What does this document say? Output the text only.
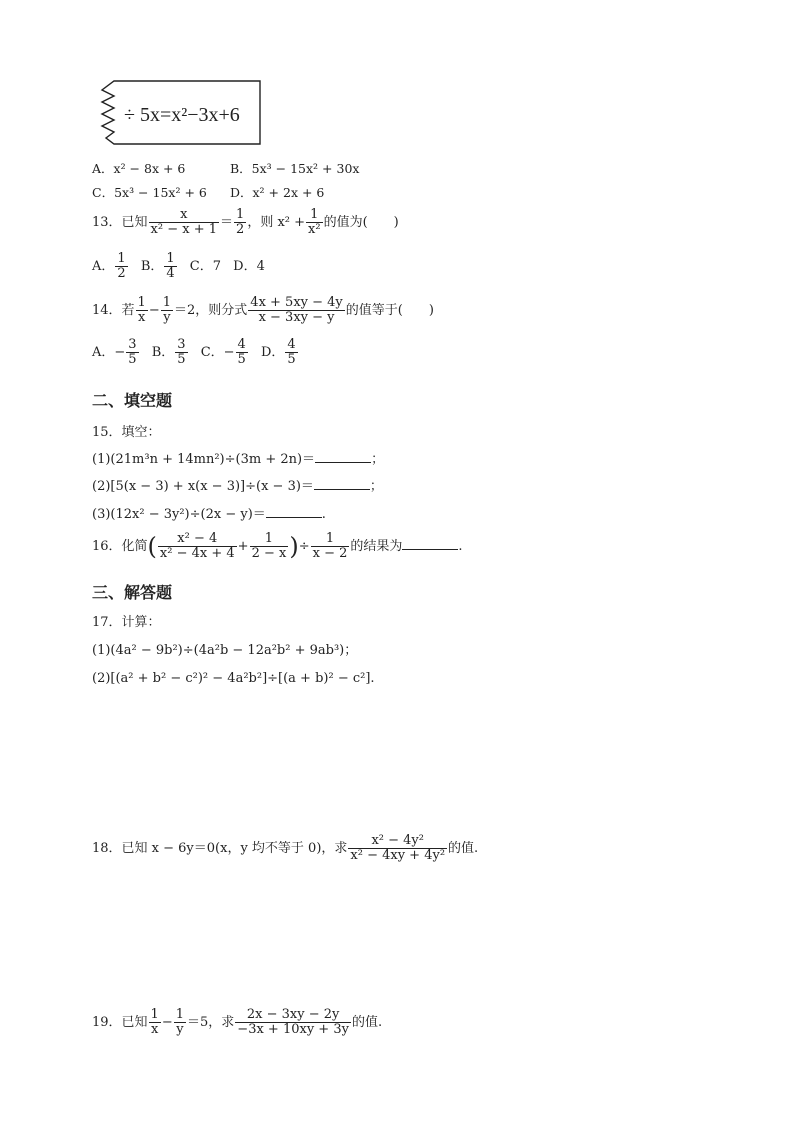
÷ 5x=x²−3x+6
A．x² − 8x + 6	B．5x³ − 15x² + 30x
C．5x³ − 15x² + 6 D．x² + 2x + 6
13．已知 $\frac{x}{\text{x² − x + 1}} = \frac{1}{2}$ ，则 $x^2 + \frac{1}{\text{x²}}$ 的值为(　　)
A． $\frac{1}{2}$ B． $\frac{1}{4}$ C．7 D．4
14．若 $\frac{1}{x} - \frac{1}{y} =2$，则分式 $\frac{4x + 5xy - 4y}{x - 3xy - y}$ 的值等于(　　)
A．− $\frac{3}{5}$ B． $\frac{3}{5}$ C．− $\frac{4}{5}$ D． $\frac{4}{5}$
二、填空题
15．填空：
(1)(21m³n + 14mn²)÷(3m + 2n)＝	；
(2)[5(x − 3) + x(x − 3)]÷(x − 3)＝	；
(3)(12x² − 3y²)÷(2x − y)＝	.
16．化简( $\frac{\text{x² − 4}}{\text{x² − 4x + 4}} + \frac{1}{2 - x}$ )÷ $\frac{1}{x - 2}$ 的结果为	.
三、解答题
17．计算：
(1)(4a² − 9b²)÷(4a²b − 12a²b² + 9ab³)；
(2)[(a² + b² − c²)² − 4a²b²]÷[(a + b)² − c²].
18．已知 x − 6y＝0(x，y 均不等于 0)，求 $\frac{\text{x² − 4y²}}{\text{x² − 4xy + 4y²}}$ 的值.
19．已知 $\frac{1}{x} - \frac{1}{y} =5$，求 $\frac{2x - 3xy - 2y}{-3x + 10xy + 3y}$ 的值.
